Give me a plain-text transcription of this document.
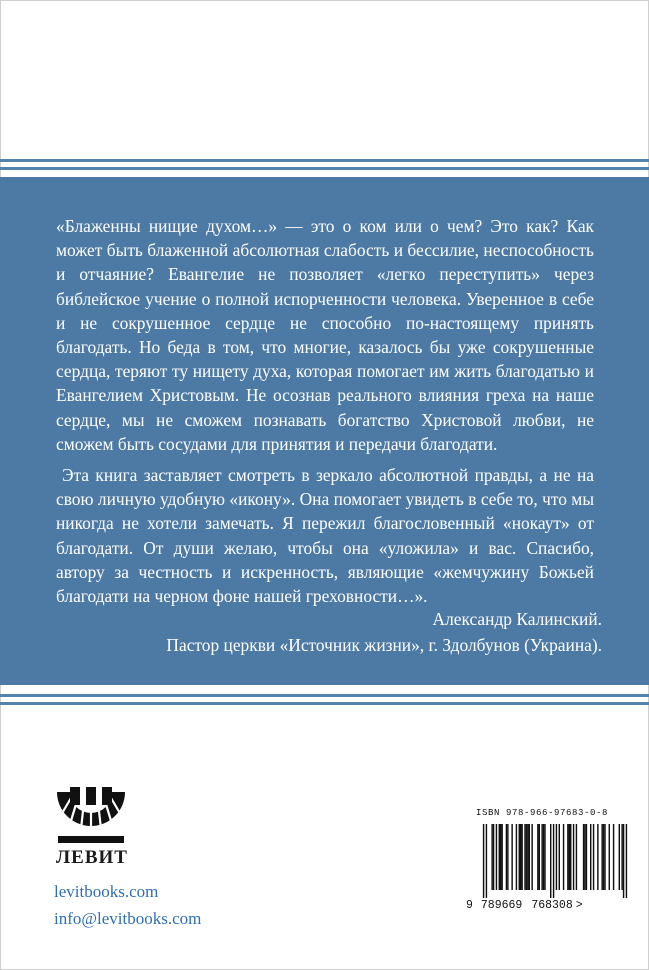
«Блаженны нищие духом…» — это о ком или о чем? Это как? Как может быть блаженной абсолютная слабость и бессилие, неспособность и отчаяние? Евангелие не позволяет «легко переступить» через библейское учение о полной испорченности человека. Уверенное в себе и не сокрушенное сердце не способно по-настоящему принять благодать. Но беда в том, что многие, казалось бы уже сокрушенные сердца, теряют ту нищету духа, которая помогает им жить благодатью и Евангелием Христовым. Не осознав реального влияния греха на наше сердце, мы не сможем познавать богатство Христовой любви, не сможем быть сосудами для принятия и передачи благодати.

Эта книга заставляет смотреть в зеркало абсолютной правды, а не на свою личную удобную «икону». Она помогает увидеть в себе то, что мы никогда не хотели замечать. Я пережил благословенный «нокаут» от благодати. От души желаю, чтобы она «уложила» и вас. Спасибо, автору за честность и искренность, являющие «жемчужину Божьей благодати на черном фоне нашей греховности…».

Александр Калинский.
Пастор церкви «Источник жизни», г. Здолбунов (Украина).
ЛЕВИТ
levitbooks.com
info@levitbooks.com
ISBN 978-966-97683-0-8
9 789669 768308 >
